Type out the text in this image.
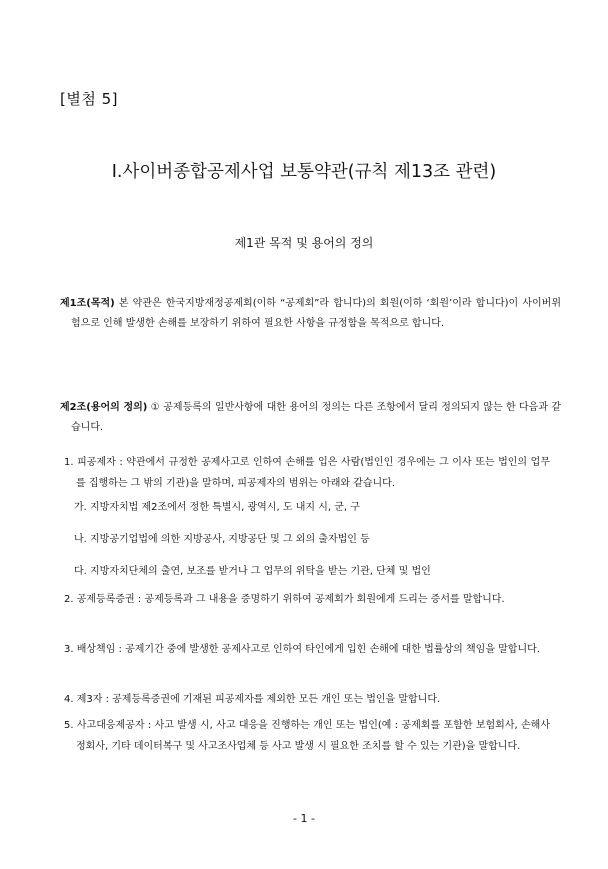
[별첨 5]
Ⅰ.사이버종합공제사업 보통약관(규칙 제13조 관련)
제1관 목적 및 용어의 정의
제1조(목적) 본 약관은 한국지방재정공제회(이하 “공제회”라 합니다)의 회원(이하 ‘회원’이라 합니다)이 사이버위험으로 인해 발생한 손해를 보장하기 위하여 필요한 사항을 규정함을 목적으로 합니다.
제2조(용어의 정의) ① 공제등록의 일반사항에 대한 용어의 정의는 다른 조항에서 달리 정의되지 않는 한 다음과 같습니다.
1. 피공제자 : 약관에서 규정한 공제사고로 인하여 손해를 입은 사람(법인인 경우에는 그 이사 또는 법인의 업무를 집행하는 그 밖의 기관)을 말하며, 피공제자의 범위는 아래와 같습니다.
가. 지방자치법 제2조에서 정한 특별시, 광역시, 도 내지 시, 군, 구
나. 지방공기업법에 의한 지방공사, 지방공단 및 그 외의 출자법인 등
다. 지방자치단체의 출연, 보조를 받거나 그 업무의 위탁을 받는 기관, 단체 및 법인
2. 공제등록증권 : 공제등록과 그 내용을 증명하기 위하여 공제회가 회원에게 드리는 증서를 말합니다.
3. 배상책임 : 공제기간 중에 발생한 공제사고로 인하여 타인에게 입힌 손해에 대한 법률상의 책임을 말합니다.
4. 제3자 : 공제등록증권에 기재된 피공제자를 제외한 모든 개인 또는 법인을 말합니다.
5. 사고대응제공자 : 사고 발생 시, 사고 대응을 진행하는 개인 또는 법인(예 : 공제회를 포함한 보험회사, 손해사정회사, 기타 데이터복구 및 사고조사업체 등 사고 발생 시 필요한 조치를 할 수 있는 기관)을 말합니다.
- 1 -
